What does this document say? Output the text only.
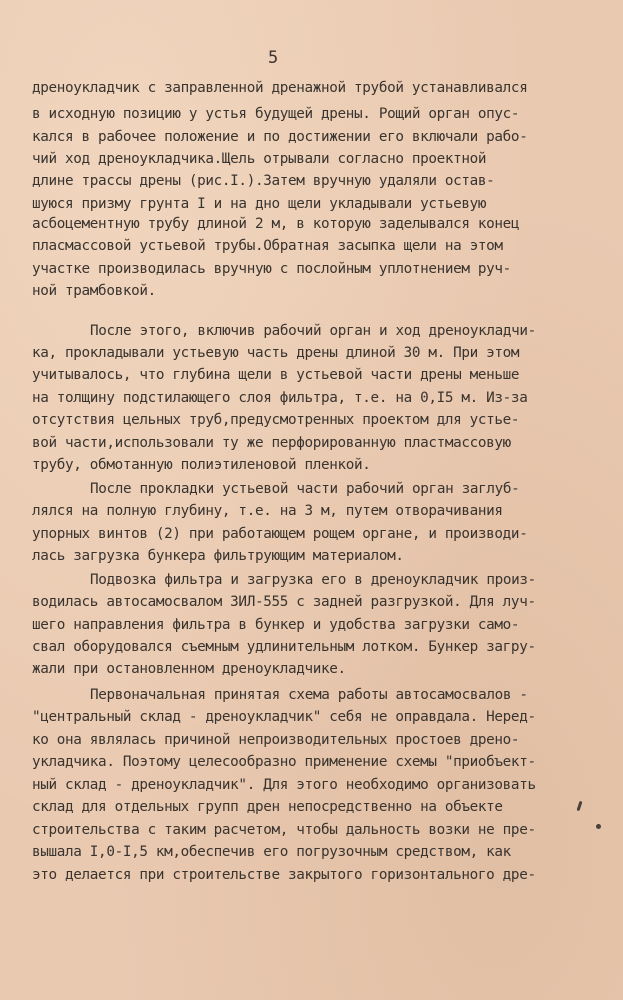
5
дреноукладчик с заправленной дренажной трубой устанавливался
в исходную позицию у устья будущей дрены. Рощий орган опус-
кался в рабочее положение и по достижении его включали рабо-
чий ход дреноукладчика.Щель отрывали согласно проектной
длине трассы дрены (рис.I.).Затем вручную удаляли остав-
шуюся призму грунта I и на дно щели укладывали устьевую
асбоцементную трубу длиной 2 м, в которую заделывался конец
пласмассовой устьевой трубы.Обратная засыпка щели на этом
участке производилась вручную с послойным уплотнением руч-
ной трамбовкой.
После этого, включив рабочий орган и ход дреноукладчи-
ка, прокладывали устьевую часть дрены длиной 30 м. При этом
учитывалось, что глубина щели в устьевой части дрены меньше
на толщину подстилающего слоя фильтра, т.е. на 0,I5 м. Из-за
отсутствия цельных труб,предусмотренных проектом для устье-
вой части,использовали ту же перфорированную пластмассовую
трубу, обмотанную полиэтиленовой пленкой.
После прокладки устьевой части рабочий орган заглуб-
лялся на полную глубину, т.е. на 3 м, путем отворачивания
упорных винтов (2) при работающем рощем органе, и производи-
лась загрузка бункера фильтрующим материалом.
Подвозка фильтра и загрузка его в дреноукладчик произ-
водилась автосамосвалом ЗИЛ-555 с задней разгрузкой. Для луч-
шего направления фильтра в бункер и удобства загрузки само-
свал оборудовался съемным удлинительным лотком. Бункер загру-
жали при остановленном дреноукладчике.
Первоначальная принятая схема работы автосамосвалов -
"центральный склад - дреноукладчик" себя не оправдала. Неред-
ко она являлась причиной непроизводительных простоев дрено-
укладчика. Поэтому целесообразно применение схемы "приобъект-
ный склад - дреноукладчик". Для этого необходимо организовать
склад для отдельных групп дрен непосредственно на объекте
строительства с таким расчетом, чтобы дальность возки не пре-
вышала I,0-I,5 км,обеспечив его погрузочным средством, как
это делается при строительстве закрытого горизонтального дре-
